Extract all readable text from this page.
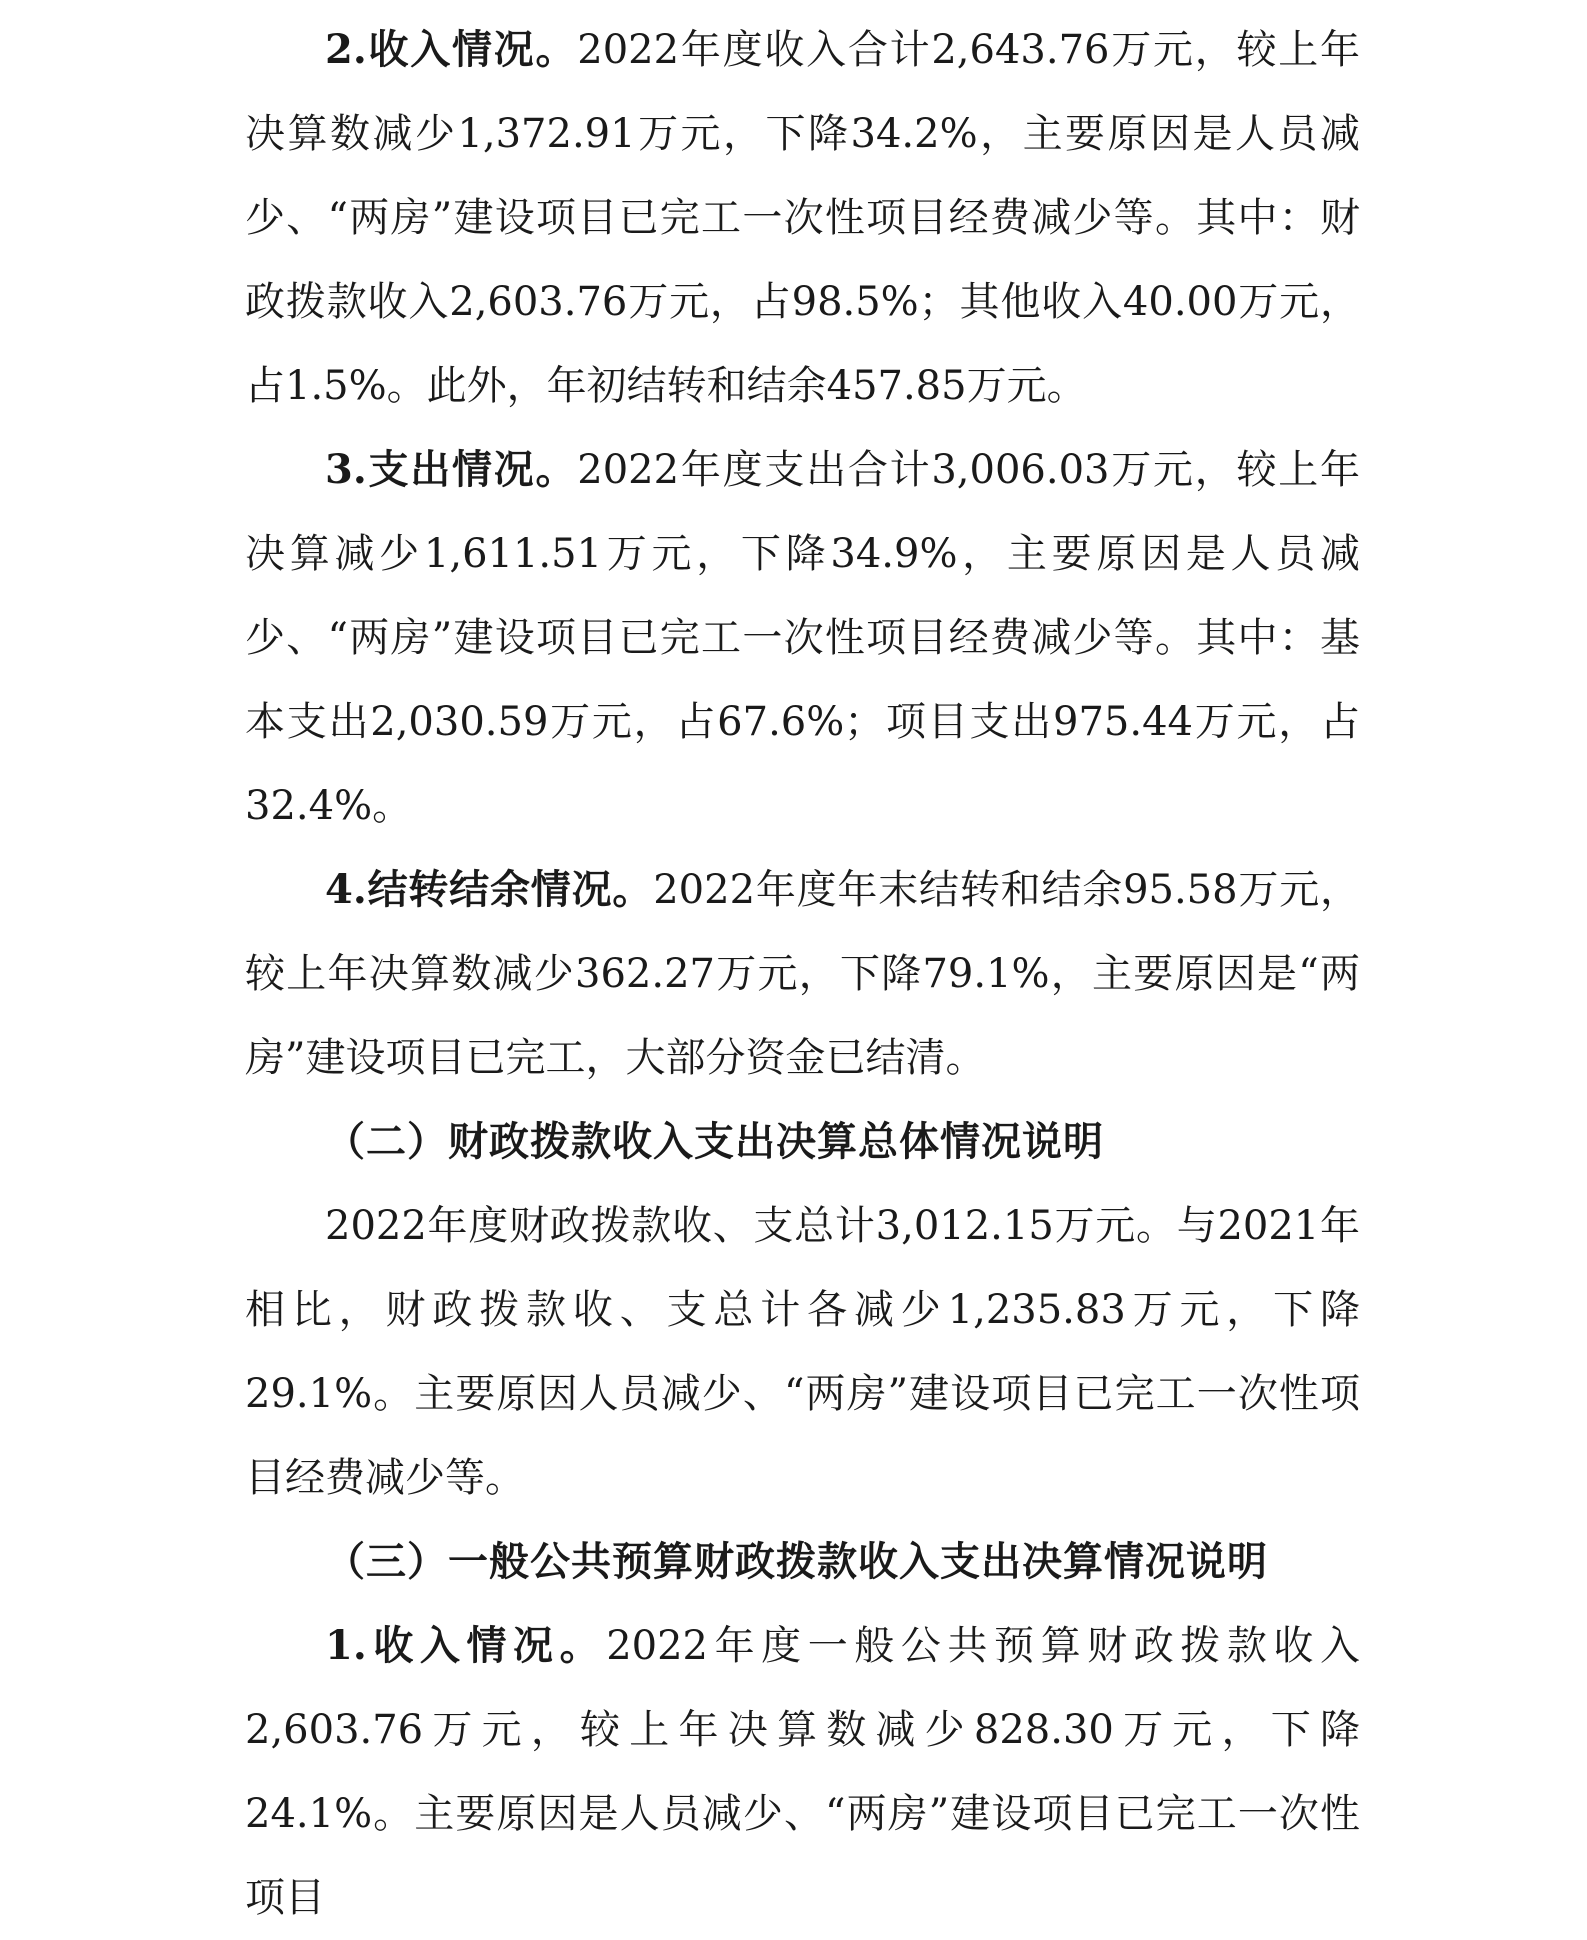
2.收入情况。2022年度收入合计2,643.76万元，较上年决算数减少1,372.91万元，下降34.2%，主要原因是人员减少、“两房”建设项目已完工一次性项目经费减少等。其中：财政拨款收入2,603.76万元，占98.5%；其他收入40.00万元，占1.5%。此外，年初结转和结余457.85万元。

3.支出情况。2022年度支出合计3,006.03万元，较上年决算减少1,611.51万元，下降34.9%，主要原因是人员减少、“两房”建设项目已完工一次性项目经费减少等。其中：基本支出2,030.59万元，占67.6%；项目支出975.44万元，占32.4%。

4.结转结余情况。2022年度年末结转和结余95.58万元，较上年决算数减少362.27万元，下降79.1%，主要原因是“两房”建设项目已完工，大部分资金已结清。

（二）财政拨款收入支出决算总体情况说明

2022年度财政拨款收、支总计3,012.15万元。与2021年相比，财政拨款收、支总计各减少1,235.83万元，下降29.1%。主要原因人员减少、“两房”建设项目已完工一次性项目经费减少等。

（三）一般公共预算财政拨款收入支出决算情况说明

1.收入情况。2022年度一般公共预算财政拨款收入2,603.76万元，较上年决算数减少828.30万元，下降24.1%。主要原因是人员减少、“两房”建设项目已完工一次性项目
